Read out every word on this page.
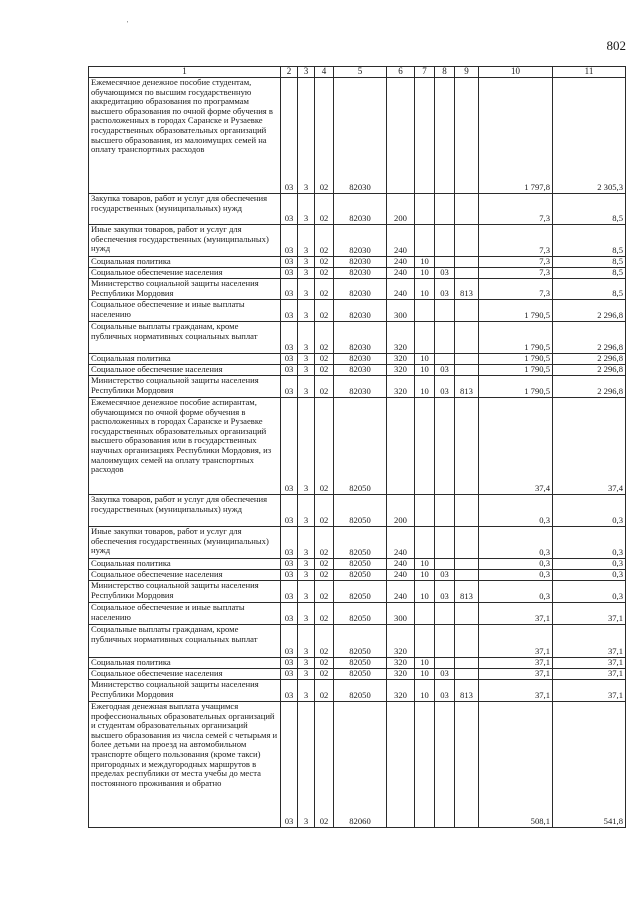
802
'
1	2	3	4	5	6	7	8	9	10	11
Ежемесячное денежное пособие студентам, обучающимся по высшим государственную аккредитацию образования по программам высшего образования по очной форме обучения в расположенных в городах Саранске и Рузаевке государственных образовательных организаций высшего образования, из малоимущих семей на оплату транспортных расходов	03	3	02	82030					1 797,8	2 305,3
Закупка товаров, работ и услуг для обеспечения государственных (муниципальных) нужд	03	3	02	82030	200				7,3	8,5
Иные закупки товаров, работ и услуг для обеспечения государственных (муниципальных) нужд	03	3	02	82030	240				7,3	8,5
Социальная политика	03	3	02	82030	240	10			7,3	8,5
Социальное обеспечение населения	03	3	02	82030	240	10	03		7,3	8,5
Министерство социальной защиты населения Республики Мордовия	03	3	02	82030	240	10	03	813	7,3	8,5
Социальное обеспечение и иные выплаты населению	03	3	02	82030	300				1 790,5	2 296,8
Социальные выплаты гражданам, кроме публичных нормативных социальных выплат	03	3	02	82030	320				1 790,5	2 296,8
Социальная политика	03	3	02	82030	320	10			1 790,5	2 296,8
Социальное обеспечение населения	03	3	02	82030	320	10	03		1 790,5	2 296,8
Министерство социальной защиты населения Республики Мордовия	03	3	02	82030	320	10	03	813	1 790,5	2 296,8
Ежемесячное денежное пособие аспирантам, обучающимся по очной форме обучения в расположенных в городах Саранске и Рузаевке государственных образовательных организаций высшего образования или в государственных научных организациях Республики Мордовия, из малоимущих семей на оплату транспортных расходов	03	3	02	82050					37,4	37,4
Закупка товаров, работ и услуг для обеспечения государственных (муниципальных) нужд	03	3	02	82050	200				0,3	0,3
Иные закупки товаров, работ и услуг для обеспечения государственных (муниципальных) нужд	03	3	02	82050	240				0,3	0,3
Социальная политика	03	3	02	82050	240	10			0,3	0,3
Социальное обеспечение населения	03	3	02	82050	240	10	03		0,3	0,3
Министерство социальной защиты населения Республики Мордовия	03	3	02	82050	240	10	03	813	0,3	0,3
Социальное обеспечение и иные выплаты населению	03	3	02	82050	300				37,1	37,1
Социальные выплаты гражданам, кроме публичных нормативных социальных выплат	03	3	02	82050	320				37,1	37,1
Социальная политика	03	3	02	82050	320	10			37,1	37,1
Социальное обеспечение населения	03	3	02	82050	320	10	03		37,1	37,1
Министерство социальной защиты населения Республики Мордовия	03	3	02	82050	320	10	03	813	37,1	37,1
Ежегодная денежная выплата учащимся профессиональных образовательных организаций и студентам образовательных организаций высшего образования из числа семей с четырьмя и более детьми на проезд на автомобильном транспорте общего пользования (кроме такси) пригородных и междугородных маршрутов в пределах республики от места учебы до места постоянного проживания и обратно	03	3	02	82060					508,1	541,8
